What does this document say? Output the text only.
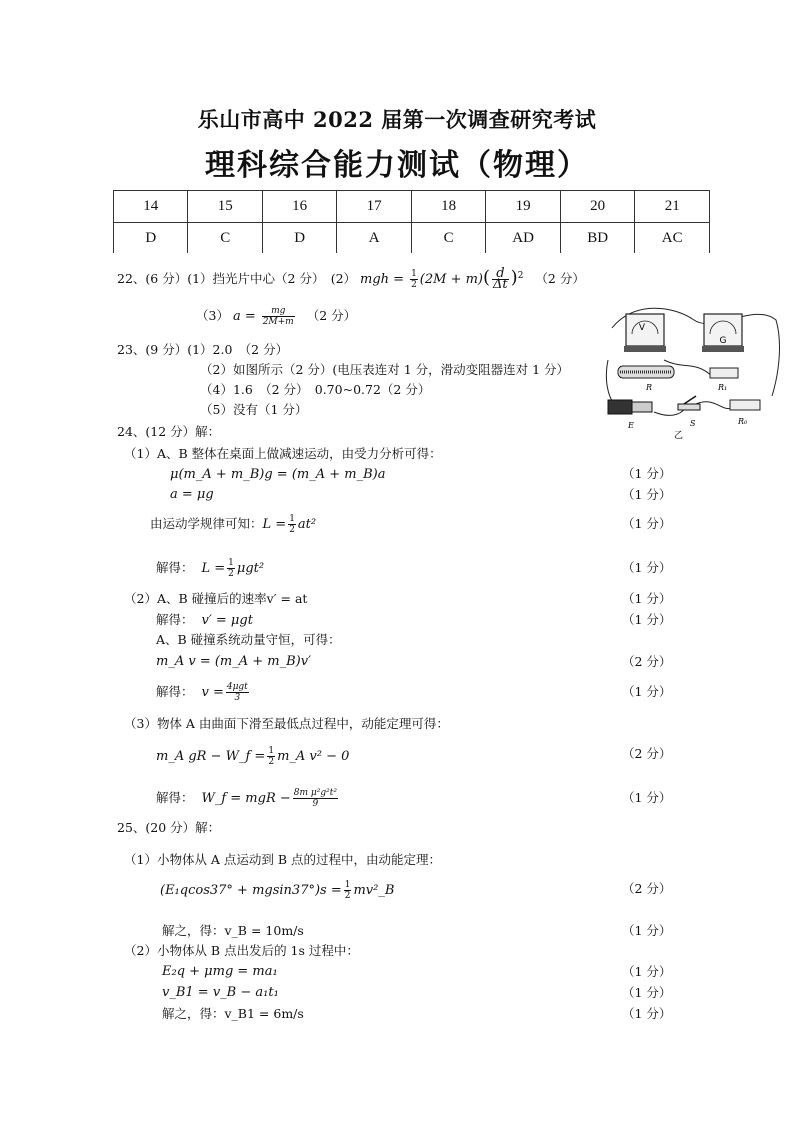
乐山市高中 2022 届第一次调查研究考试
理科综合能力测试（物理）
14	15	16	17	18	19	20	21
D	C	D	A	C	AD	BD	AC
22、(6 分）(1）挡光片中心（2 分）　(2） mgh = $\frac{1}{2} (2M + m)( \frac{d}{\Delta t} )^2$ （2 分）
（3） $a = \frac{mg}{2M+m} (2$ 分）
23、(9 分）(1）2.0　（2 分）
（2）如图所示（2 分）(电压表连对 1 分，滑动变阻器连对 1 分）
（4）1.6　（2 分）　0.70~0.72（2 分）
（5）没有（1 分）
V
G
R	R₁
E	S	R₀
乙
24、(12 分）解：
（1）A、B 整体在桌面上做减速运动，由受力分析可得：
μ(m_A + m_B)g = (m_A + m_B)a
a = μg
由运动学规律可知：$L = \frac{1}{2} at^2$
解得： $L = \frac{1}{2} \mu gt^2$
（2）A、B 碰撞后的速率v′ = at
解得： v′ = μgt
A、B 碰撞系统动量守恒，可得：
m_A v = (m_A + m_B)v′
解得： $v = \frac{\text{4μgt}}{3}$
（3）物体 A 由曲面下滑至最低点过程中，动能定理可得：
m_A gR − W_f = $\frac{1}{2}$ m_A v² − 0
解得： W_f = mgR − $\frac{\text{8m μ²g²t²}}{9}$
（1 分）
（1 分）
（1 分）
（1 分）
（1 分）
（1 分）
（2 分）
（1 分）
（2 分）
（1 分）
25、(20 分）解：
（1）小物体从 A 点运动到 B 点的过程中，由动能定理：
$(E_1qcos37^\circ + mgsin37^\circ)s = \frac{1}{2}$ mv²_B
解之，得：v_B = 10m/s
（2）小物体从 B 点出发后的 1s 过程中：
E₂q + μmg = ma₁
v_B1 = v_B − a₁t₁
解之，得：v_B1 = 6m/s
（2 分）
（1 分）
（1 分）
（1 分）
（1 分）
